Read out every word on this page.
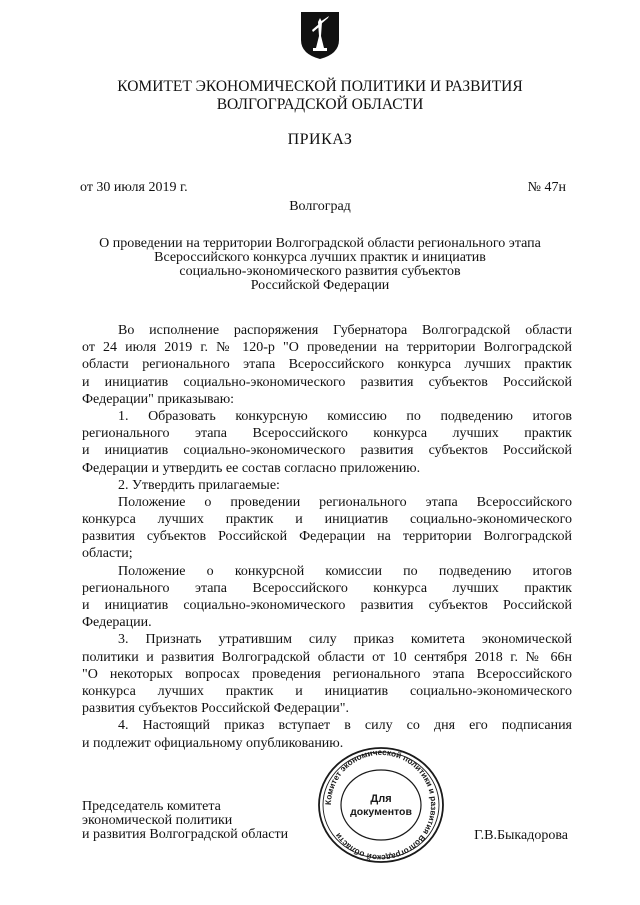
КОМИТЕТ ЭКОНОМИЧЕСКОЙ ПОЛИТИКИ И РАЗВИТИЯ
ВОЛГОГРАДСКОЙ ОБЛАСТИ
ПРИКАЗ
от 30 июля 2019 г.	№ 47н
Волгоград
О проведении на территории Волгоградской области регионального этапа
Всероссийского конкурса лучших практик и инициатив
социально-экономического развития субъектов
Российской Федерации
Во исполнение распоряжения Губернатора Волгоградской области
от 24 июля 2019 г. № 120-р "О проведении на территории Волгоградской
области регионального этапа Всероссийского конкурса лучших практик
и инициатив социально-экономического развития субъектов Российской
Федерации" приказываю:
1. Образовать конкурсную комиссию по подведению итогов
регионального этапа Всероссийского конкурса лучших практик
и инициатив социально-экономического развития субъектов Российской
Федерации и утвердить ее состав согласно приложению.
2. Утвердить прилагаемые:
Положение о проведении регионального этапа Всероссийского
конкурса лучших практик и инициатив социально-экономического
развития субъектов Российской Федерации на территории Волгоградской
области;
Положение о конкурсной комиссии по подведению итогов
регионального этапа Всероссийского конкурса лучших практик
и инициатив социально-экономического развития субъектов Российской
Федерации.
3. Признать утратившим силу приказ комитета экономической
политики и развития Волгоградской области от 10 сентября 2018 г. № 66н
"О некоторых вопросах проведения регионального этапа Всероссийского
конкурса лучших практик и инициатив социально-экономического
развития субъектов Российской Федерации".
4. Настоящий приказ вступает в силу со дня его подписания
и подлежит официальному опубликованию.
Председатель комитета
экономической политики
и развития Волгоградской области	Г.В.Быкадорова
Комитет экономической политики и развития Волгоградской области
Для
документов
